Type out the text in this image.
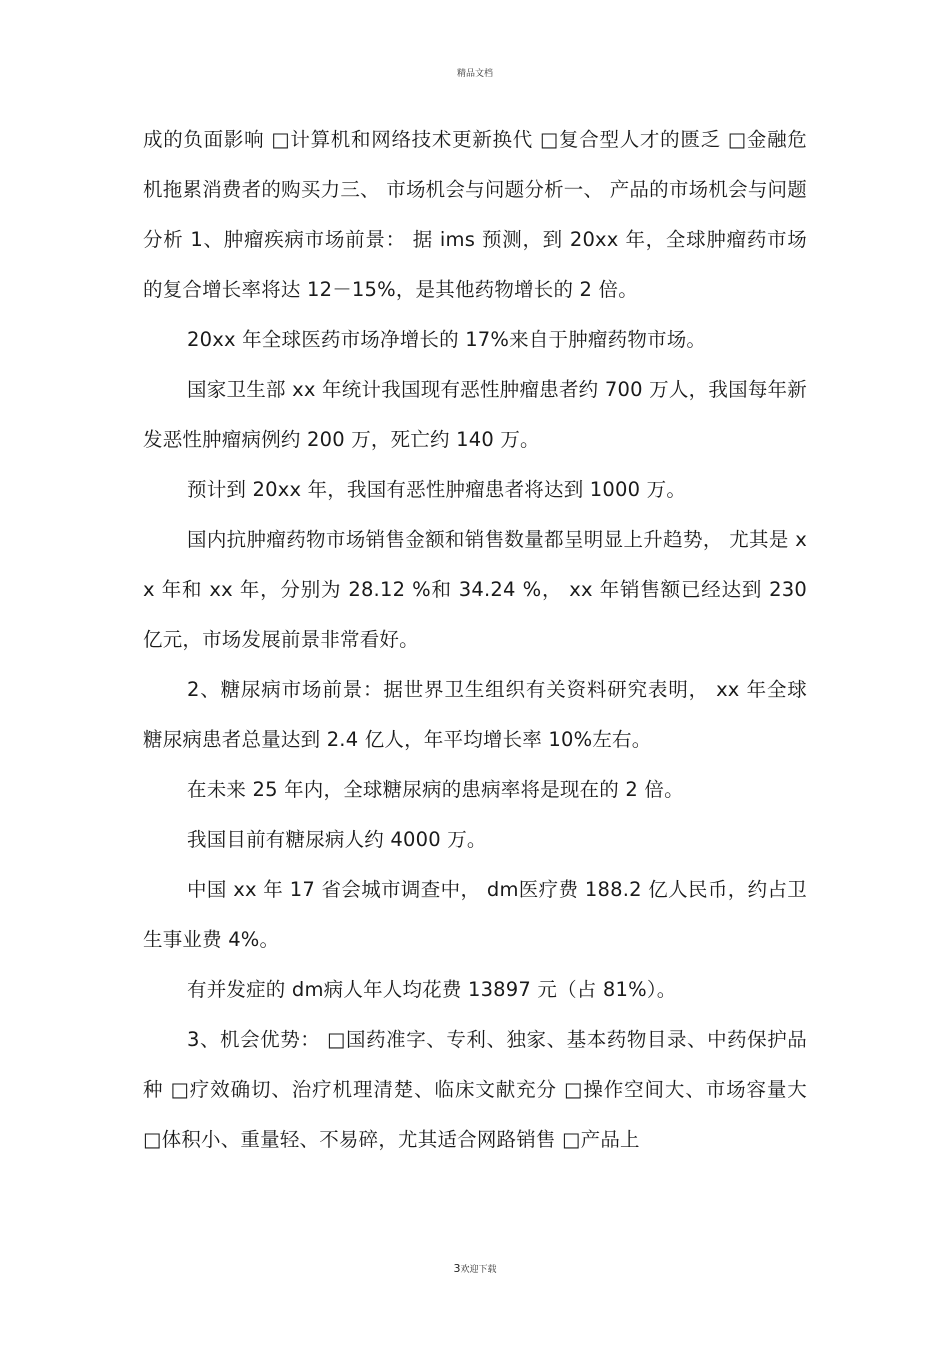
精品文档

成的负面影响 □计算机和网络技术更新换代 □复合型人才的匮乏 □金融危机拖累消费者的购买力三、 市场机会与问题分析一、 产品的市场机会与问题分析 1、肿瘤疾病市场前景： 据 ims 预测，到 20xx 年，全球肿瘤药市场的复合增长率将达 12－15%，是其他药物增长的 2 倍。

20xx 年全球医药市场净增长的 17%来自于肿瘤药物市场。

国家卫生部 xx 年统计我国现有恶性肿瘤患者约 700 万人，我国每年新发恶性肿瘤病例约 200 万，死亡约 140 万。

预计到 20xx 年，我国有恶性肿瘤患者将达到 1000 万。

国内抗肿瘤药物市场销售金额和销售数量都呈明显上升趋势， 尤其是 xx 年和 xx 年，分别为 28.12 %和 34.24 %， xx 年销售额已经达到 230 亿元，市场发展前景非常看好。

2、糖尿病市场前景：据世界卫生组织有关资料研究表明， xx 年全球糖尿病患者总量达到 2.4 亿人，年平均增长率 10%左右。

在未来 25 年内，全球糖尿病的患病率将是现在的 2 倍。

我国目前有糖尿病人约 4000 万。

中国 xx 年 17 省会城市调查中， dm医疗费 188.2 亿人民币，约占卫生事业费 4%。

有并发症的 dm病人年人均花费 13897 元（占 81%）。

3、机会优势： □国药准字、专利、独家、基本药物目录、中药保护品种 □疗效确切、治疗机理清楚、临床文献充分 □操作空间大、市场容量大 □体积小、重量轻、不易碎，尤其适合网路销售 □产品上

3欢迎下载
